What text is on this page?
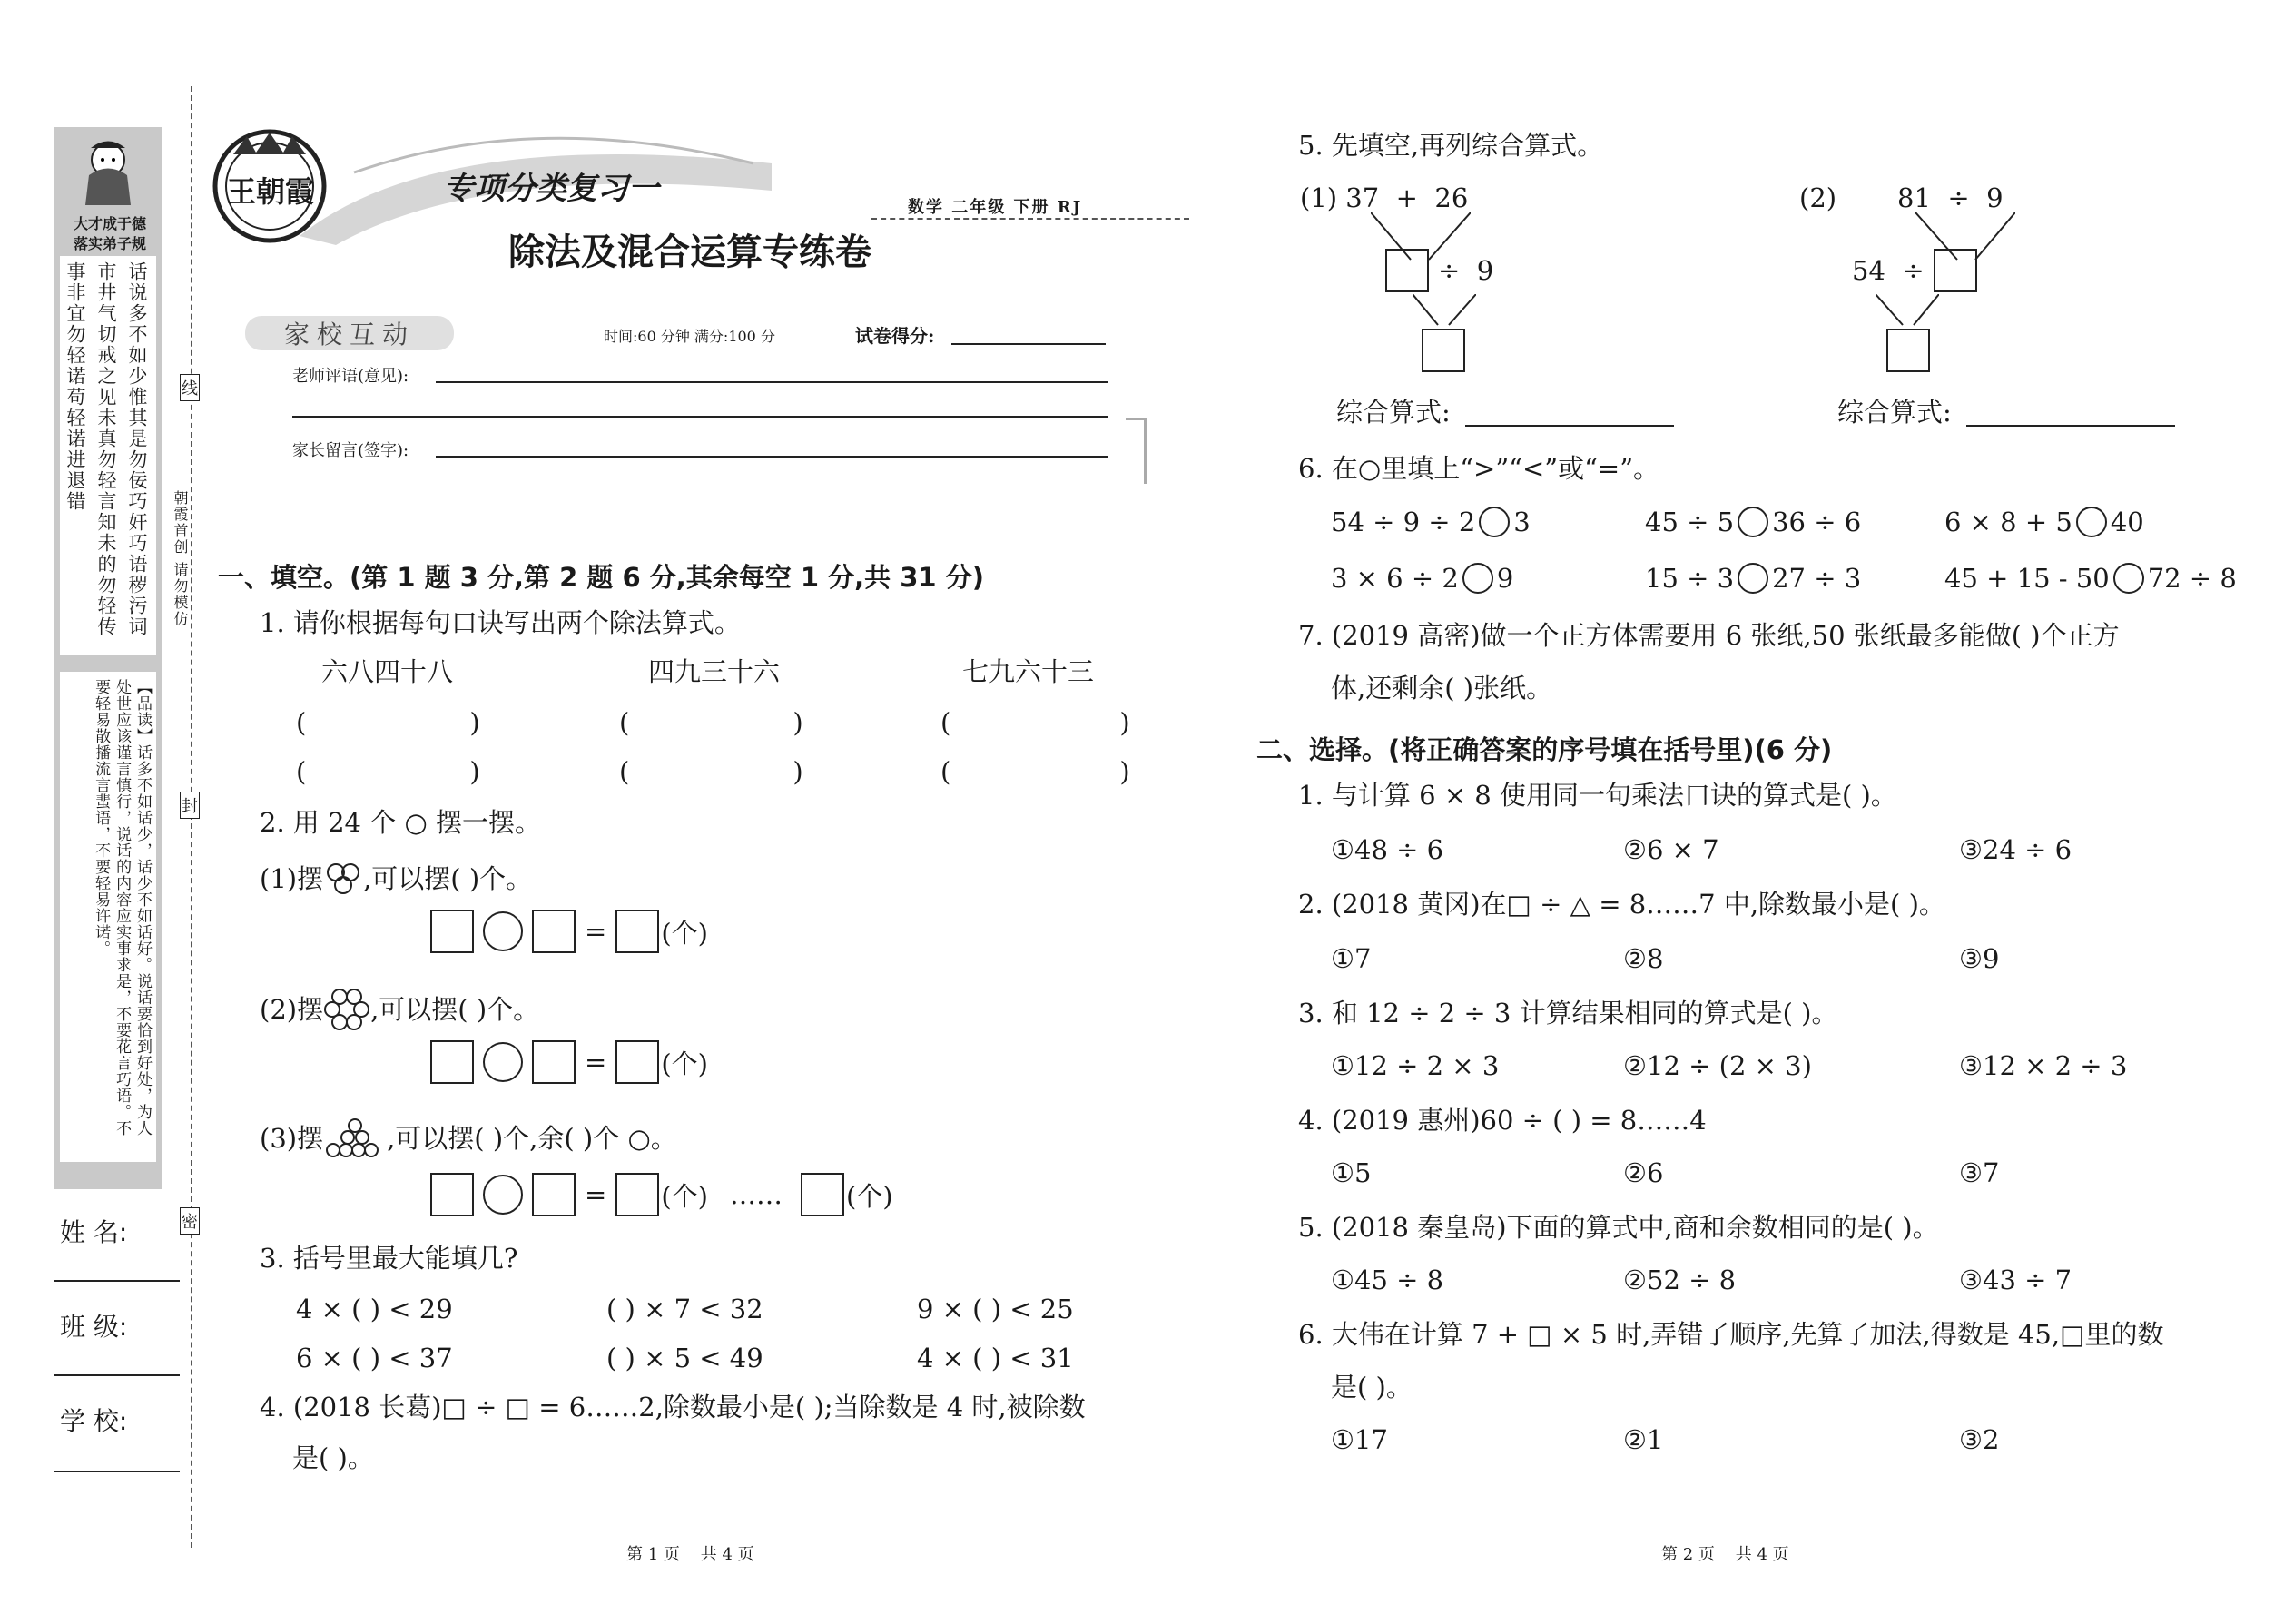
大才成于德
落实弟子规
话说多不如少惟其是勿佞巧奸巧语秽污词
市井气切戒之见未真勿轻言知未的勿轻传
事非宜勿轻诺苟轻诺进退错
【品读】话多不如话少，话少不如话好。说话要恰到好处，为人处世应该谨言慎行，说话的内容应实事求是，不要花言巧语。不要轻易散播流言蜚语，不要轻易许诺。
姓 名:
班 级:
学 校:
线
封
密
朝霞首创 请勿模仿
王朝霞	专项分类复习一
除法及混合运算专练卷
数学 二年级 下册 RJ
家校互动	时间:60 分钟 满分:100 分	试卷得分:
老师评语(意见):
家长留言(签字):
一、填空。(第 1 题 3 分,第 2 题 6 分,其余每空 1 分,共 31 分)
1. 请你根据每句口诀写出两个除法算式。
六八四十八	四九三十六	七九六十三
(	)	(	)	(	)
(	)	(	)	(	)
2. 用 24 个 ○ 摆一摆。
(1)摆 ,可以摆( )个。
= (个)
(2)摆 ,可以摆( )个。
= (个)
(3)摆 ,可以摆( )个,余( )个 ○。
= (个) …… (个)
3. 括号里最大能填几?
4 × ( ) < 29	( ) × 7 < 32	9 × ( ) < 25
6 × ( ) < 37	( ) × 5 < 49	4 × ( ) < 31
4. (2018 长葛)□ ÷ □ = 6……2,除数最小是( );当除数是 4 时,被除数
是( )。
第 1 页    共 4 页
5. 先填空,再列综合算式。
(1) 37  +  26
÷  9
综合算式:
(2) 81  ÷  9
54  ÷
综合算式:
6. 在○里填上“>”“<”或“=”。
54 ÷ 9 ÷ 2 3	45 ÷ 5 36 ÷ 6	6 × 8 + 5 40
3 × 6 ÷ 2 9	15 ÷ 3 27 ÷ 3	45 + 15 - 50 72 ÷ 8
7. (2019 高密)做一个正方体需要用 6 张纸,50 张纸最多能做( )个正方
体,还剩余( )张纸。
二、选择。(将正确答案的序号填在括号里)(6 分)
1. 与计算 6 × 8 使用同一句乘法口诀的算式是( )。
①48 ÷ 6	②6 × 7	③24 ÷ 6
2. (2018 黄冈)在□ ÷ △ = 8……7 中,除数最小是( )。
①7	②8	③9
3. 和 12 ÷ 2 ÷ 3 计算结果相同的算式是( )。
①12 ÷ 2 × 3	②12 ÷ (2 × 3)	③12 × 2 ÷ 3
4. (2019 惠州)60 ÷ ( ) = 8……4
①5	②6	③7
5. (2018 秦皇岛)下面的算式中,商和余数相同的是( )。
①45 ÷ 8	②52 ÷ 8	③43 ÷ 7
6. 大伟在计算 7 + □ × 5 时,弄错了顺序,先算了加法,得数是 45,□里的数
是( )。
①17	②1	③2
第 2 页    共 4 页
